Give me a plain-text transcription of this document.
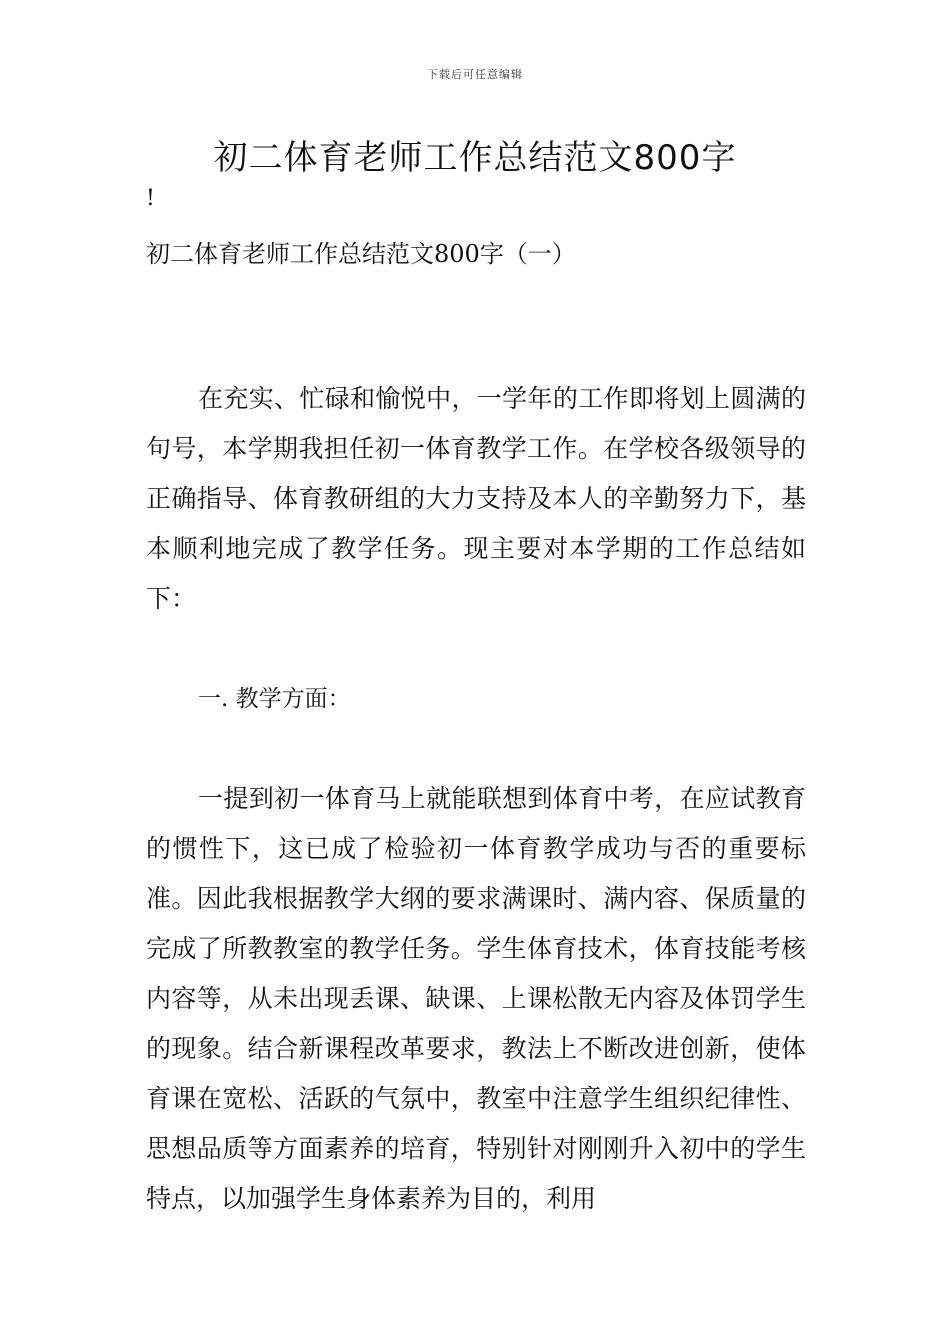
下载后可任意编辑
初二体育老师工作总结范文800字
!
初二体育老师工作总结范文800字（一）

在充实、忙碌和愉悦中，一学年的工作即将划上圆满的句号，本学期我担任初一体育教学工作。在学校各级领导的正确指导、体育教研组的大力支持及本人的辛勤努力下，基本顺利地完成了教学任务。现主要对本学期的工作总结如下：

一. 教学方面：

一提到初一体育马上就能联想到体育中考，在应试教育的惯性下，这已成了检验初一体育教学成功与否的重要标准。因此我根据教学大纲的要求满课时、满内容、保质量的完成了所教教室的教学任务。学生体育技术，体育技能考核内容等，从未出现丢课、缺课、上课松散无内容及体罚学生的现象。结合新课程改革要求，教法上不断改进创新，使体育课在宽松、活跃的气氛中，教室中注意学生组织纪律性、思想品质等方面素养的培育，特别针对刚刚升入初中的学生特点，以加强学生身体素养为目的，利用
